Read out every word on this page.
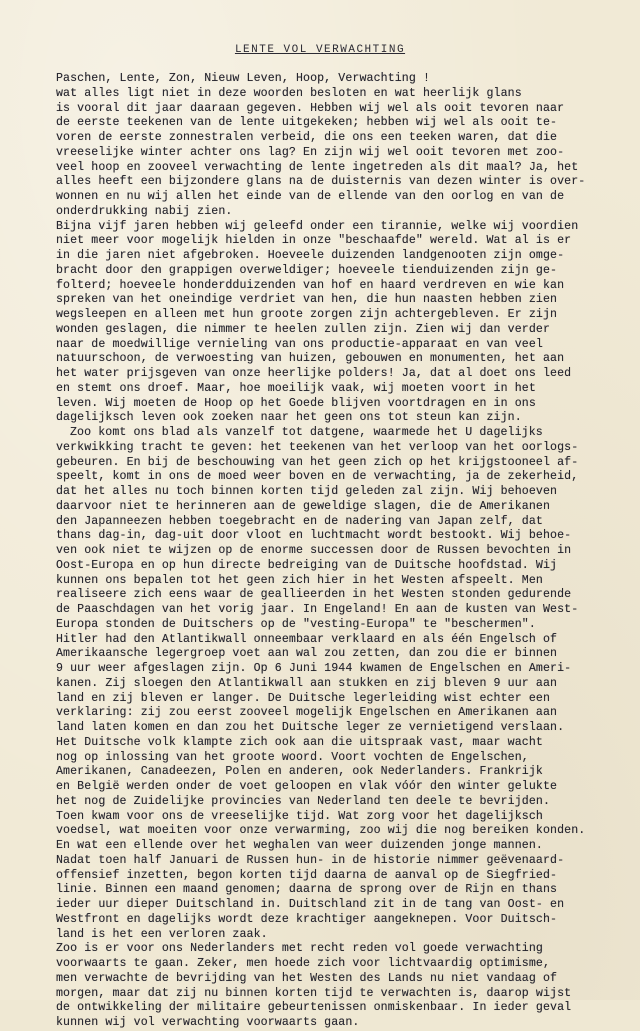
LENTE VOL VERWACHTING
Paschen, Lente, Zon, Nieuw Leven, Hoop, Verwachting !
wat alles ligt niet in deze woorden besloten en wat heerlijk glans
is vooral dit jaar daaraan gegeven. Hebben wij wel als ooit tevoren naar
de eerste teekenen van de lente uitgekeken; hebben wij wel als ooit te-
voren de eerste zonnestralen verbeid, die ons een teeken waren, dat die
vreeselijke winter achter ons lag? En zijn wij wel ooit tevoren met zoo-
veel hoop en zooveel verwachting de lente ingetreden als dit maal? Ja, het
alles heeft een bijzondere glans na de duisternis van dezen winter is over-
wonnen en nu wij allen het einde van de ellende van den oorlog en van de
onderdrukking nabij zien.
Bijna vijf jaren hebben wij geleefd onder een tirannie, welke wij voordien
niet meer voor mogelijk hielden in onze "beschaafde" wereld. Wat al is er
in die jaren niet afgebroken. Hoeveele duizenden landgenooten zijn omge-
bracht door den grappigen overweldiger; hoeveele tienduizenden zijn ge-
folterd; hoeveele honderdduizenden van hof en haard verdreven en wie kan
spreken van het oneindige verdriet van hen, die hun naasten hebben zien
wegsleepen en alleen met hun groote zorgen zijn achtergebleven. Er zijn
wonden geslagen, die nimmer te heelen zullen zijn. Zien wij dan verder
naar de moedwillige vernieling van ons productie-apparaat en van veel
natuurschoon, de verwoesting van huizen, gebouwen en monumenten, het aan
het water prijsgeven van onze heerlijke polders! Ja, dat al doet ons leed
en stemt ons droef. Maar, hoe moeilijk vaak, wij moeten voort in het
leven. Wij moeten de Hoop op het Goede blijven voortdragen en in ons
dagelijksch leven ook zoeken naar het geen ons tot steun kan zijn.
Zoo komt ons blad als vanzelf tot datgene, waarmede het U dagelijks
verkwikking tracht te geven: het teekenen van het verloop van het oorlogs-
gebeuren. En bij de beschouwing van het geen zich op het krijgstooneel af-
speelt, komt in ons de moed weer boven en de verwachting, ja de zekerheid,
dat het alles nu toch binnen korten tijd geleden zal zijn. Wij behoeven
daarvoor niet te herinneren aan de geweldige slagen, die de Amerikanen
den Japanneezen hebben toegebracht en de nadering van Japan zelf, dat
thans dag-in, dag-uit door vloot en luchtmacht wordt bestookt. Wij behoe-
ven ook niet te wijzen op de enorme successen door de Russen bevochten in
Oost-Europa en op hun directe bedreiging van de Duitsche hoofdstad. Wij
kunnen ons bepalen tot het geen zich hier in het Westen afspeelt. Men
realiseere zich eens waar de geallieerden in het Westen stonden gedurende
de Paaschdagen van het vorig jaar. In Engeland! En aan de kusten van West-
Europa stonden de Duitschers op de "vesting-Europa" te "beschermen".
Hitler had den Atlantikwall onneembaar verklaard en als één Engelsch of
Amerikaansche legergroep voet aan wal zou zetten, dan zou die er binnen
9 uur weer afgeslagen zijn. Op 6 Juni 1944 kwamen de Engelschen en Ameri-
kanen. Zij sloegen den Atlantikwall aan stukken en zij bleven 9 uur aan
land en zij bleven er langer. De Duitsche legerleiding wist echter een
verklaring: zij zou eerst zooveel mogelijk Engelschen en Amerikanen aan
land laten komen en dan zou het Duitsche leger ze vernietigend verslaan.
Het Duitsche volk klampte zich ook aan die uitspraak vast, maar wacht
nog op inlossing van het groote woord. Voort vochten de Engelschen,
Amerikanen, Canadeezen, Polen en anderen, ook Nederlanders. Frankrijk
en België werden onder de voet geloopen en vlak vóór den winter gelukte
het nog de Zuidelijke provincies van Nederland ten deele te bevrijden.
Toen kwam voor ons de vreeselijke tijd. Wat zorg voor het dagelijksch
voedsel, wat moeiten voor onze verwarming, zoo wij die nog bereiken konden.
En wat een ellende over het weghalen van weer duizenden jonge mannen.
Nadat toen half Januari de Russen hun- in de historie nimmer geëvenaard-
offensief inzetten, begon korten tijd daarna de aanval op de Siegfried-
linie. Binnen een maand genomen; daarna de sprong over de Rijn en thans
ieder uur dieper Duitschland in. Duitschland zit in de tang van Oost- en
Westfront en dagelijks wordt deze krachtiger aangeknepen. Voor Duitsch-
land is het een verloren zaak.
Zoo is er voor ons Nederlanders met recht reden vol goede verwachting
voorwaarts te gaan. Zeker, men hoede zich voor lichtvaardig optimisme,
men verwachte de bevrijding van het Westen des Lands nu niet vandaag of
morgen, maar dat zij nu binnen korten tijd te verwachten is, daarop wijst
de ontwikkeling der militaire gebeurtenissen onmiskenbaar. In ieder geval
kunnen wij vol verwachting voorwaarts gaan.
